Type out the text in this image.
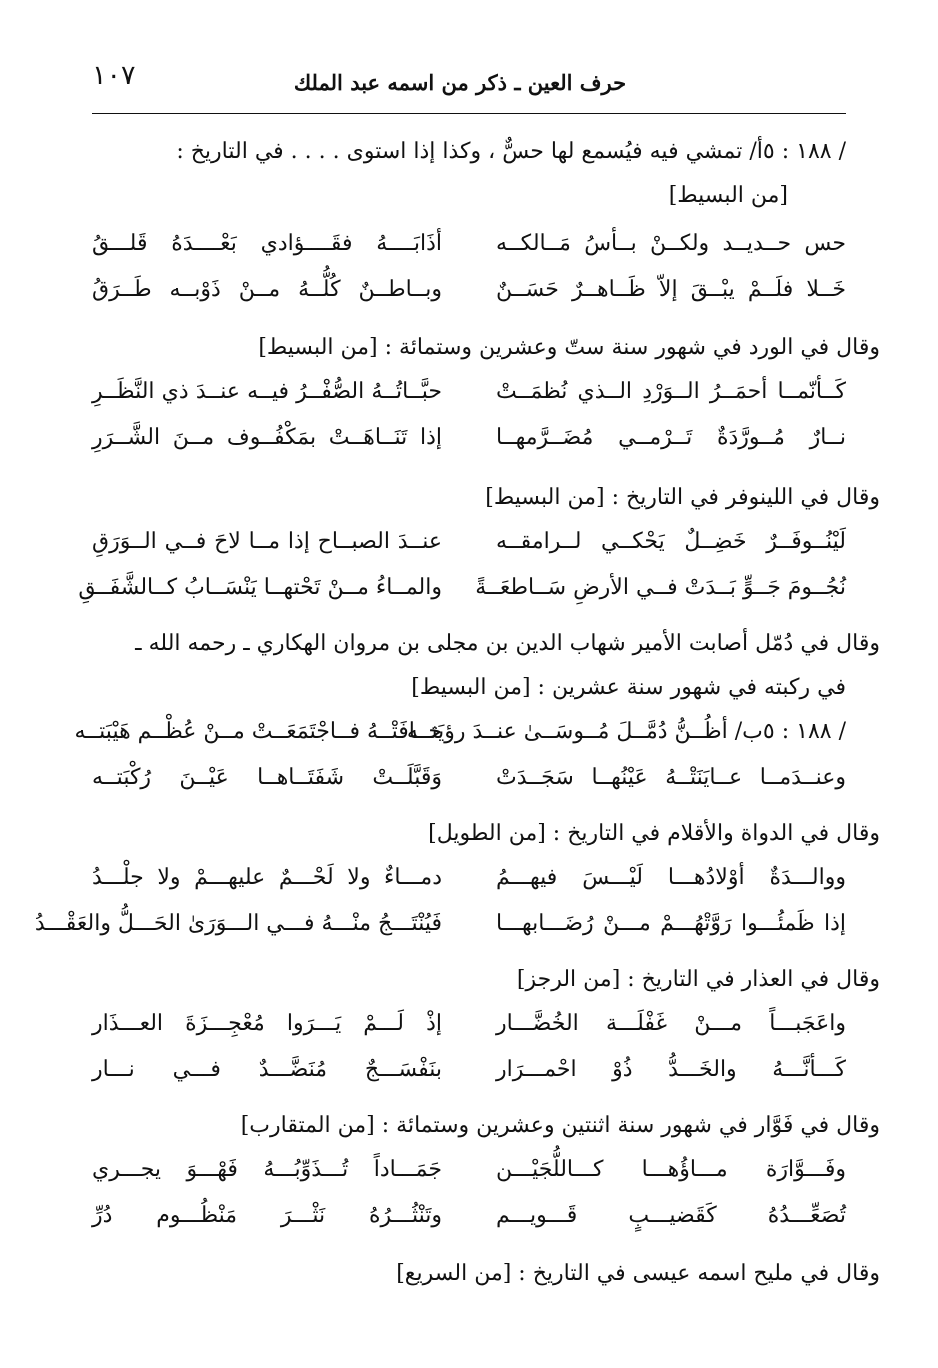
١٠٧	حرف العين ـ ذكر من اسمه عبد الملك
/ ١٨٨ : ٥أ/ تمشي فيه فيُسمع لها حسٌّ ، وكذا إذا استوى . . . . في التاريخ :
[من البسيط]
حس حــديــد ولكــنْ بــأسُ مَــالكــه
أذَابَــــهُ فقَــــؤادي بَعْــــدَهُ قَلـــقُ
خَــلا فلَــمْ يبْــقَ إلاّ ظَــاهــرٌ حَسَــنٌ
وبــاطــنٌ كُلُّــهُ مــنْ ذَوْبــه طَــرَقُ
وقال في الورد في شهور سنة ستّ وعشرين وستمائة : [من البسيط]
كَــأنّمــا أحمَــرُ الــوَرْدِ الــذي نُظمَــتْ
حبَّــاتُــهُ الصُّفْــرُ فيــه عنــدَ ذي النَّظَــرِ
نــارٌ مُــورَّدَةٌ تَــرْمــي مُضَــرَّمهــا
إذا تَنَــاهَــتْ بمَكْفُــوف مــنَ الشَّــرَرِ
وقال في اللينوفر في التاريخ : [من البسيط]
لَيْنُــوفَــرٌ خَضِــلٌ يَحْكــي لــرامقــه
عنــدَ الصبــاح إذا مــا لاحَ فــي الــوَرَقِ
نُجُــومَ جَــوٍّ بَــدَتْ فــي الأرضِ سَــاطعَــةً
والمــاءُ مــنْ تَحْتهــا يَنْسَــابُ كــالشَّفَــقِ
وقال في دُمّل أصابت الأمير شهاب الدين بن مجلى بن مروان الهكاري ـ رحمه الله ـ
في ركبته في شهور سنة عشرين : [من البسيط]
/ ١٨٨ : ٥ب/ أظُــنُّ دُمَّــلَ مُــوسَــىٰ عنــدَ رؤيَتــه
خــافَتْــهُ فــاجْتَمَعَــتْ مــنْ عُظْــم هَيْبَتــه
وعنــدَمــا عــايَنَتْــهُ عَيْنُهــا سَجَــدَتْ
وَقَبَّلَــتْ شَفَتَــاهــا عَيْــنَ رُكْبَتــه
وقال في الدواة والأقلام في التاريخ : [من الطويل]
ووالـــدَةٌ أوْلادُهـــا لَيْـــسَ فيهـــمُ
دمـــاءٌ ولا لَحْـــمٌ عليهـــمْ ولا جلْـــدُ
إذا ظَمئُـــوا رَوَّتْهُـــمْ مـــنْ رُضَـــابهـــا
فَيُنْتَـــجُ منْـــهُ فـــي الـــوَرَىٰ الحَـــلُّ والعَقْـــدُ
وقال في العذار في التاريخ : [من الرجز]
واعَجَبـــاً مـــنْ غَفْلَـــة الخُضَّـــار
إذْ لَـــمْ يَـــرَوا مُعْجِـــزَةَ العـــذَار
كَـــأنَّـــهُ والخَـــدُّ ذُوْ احْمـــرَار
بنَفْسَـــجٌ مُنَضَّـــدٌ فـــي نـــار
وقال في فَوَّار في شهور سنة اثنتين وعشرين وستمائة : [من المتقارب]
وفَـــوَّارَة مـــاؤُهـــا كـــاللُّجَيْـــن
جَمَـــاداً تُـــذَوِّبُـــهُ فَهْـــوَ يجـــري
تُصَعِّـــدُهُ كَقَضيـــبٍ قَـــويـــم
وتَنْثُـــرُهُ نَثْـــرَ مَنْظُـــوم دُرِّ
وقال في مليح اسمه عيسى في التاريخ : [من السريع]
